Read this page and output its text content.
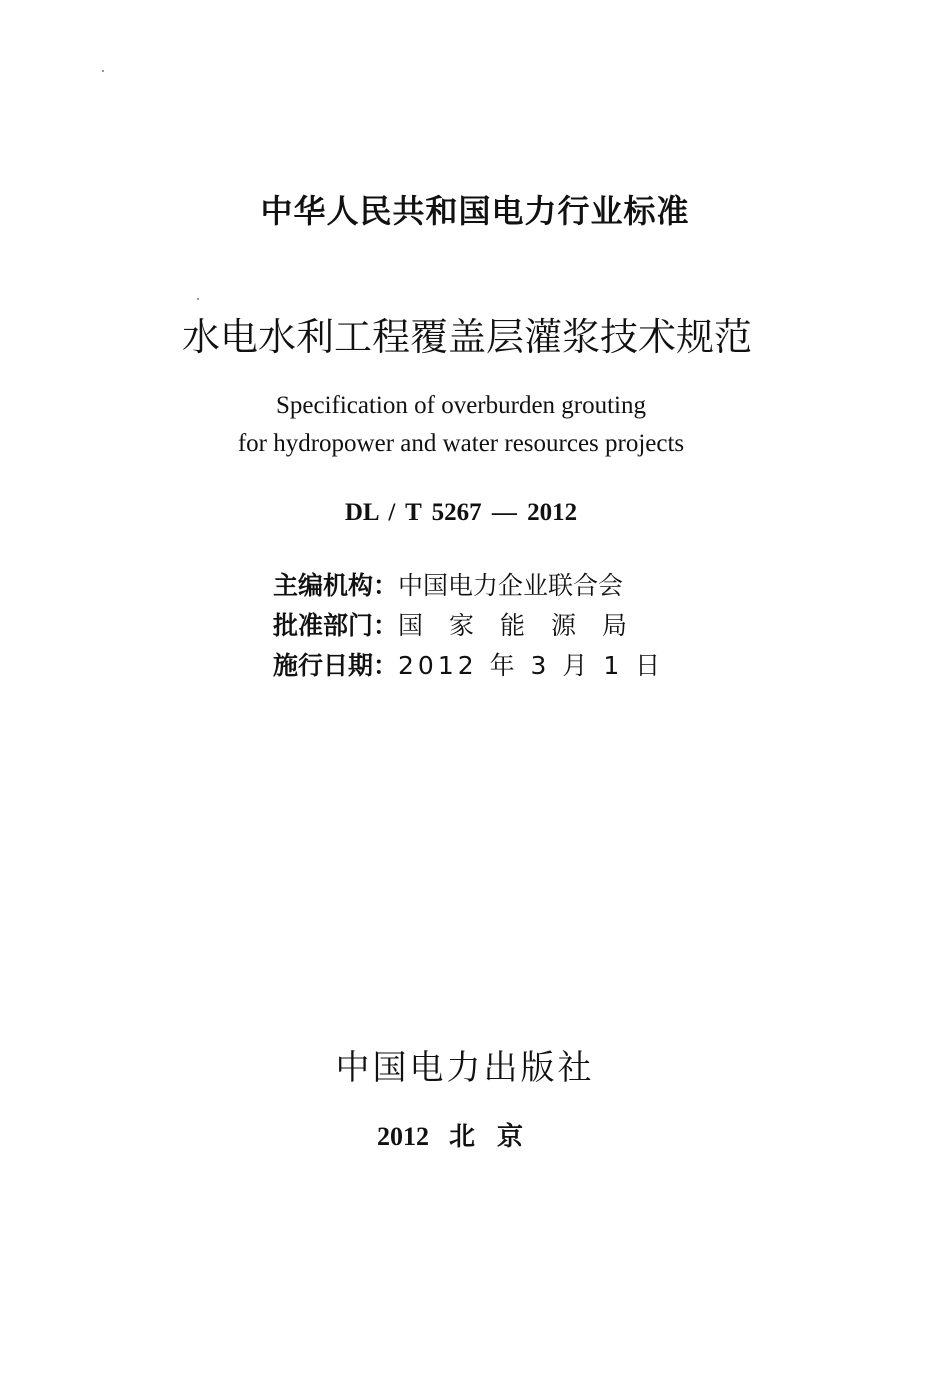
中华人民共和国电力行业标准
水电水利工程覆盖层灌浆技术规范
Specification of overburden grouting
for hydropower and water resources projects
DL / T 5267 — 2012
主编机构：中国电力企业联合会
批准部门：国家能源局
施行日期：2012 年 3 月 1 日
中国电力出版社
2012 北京
